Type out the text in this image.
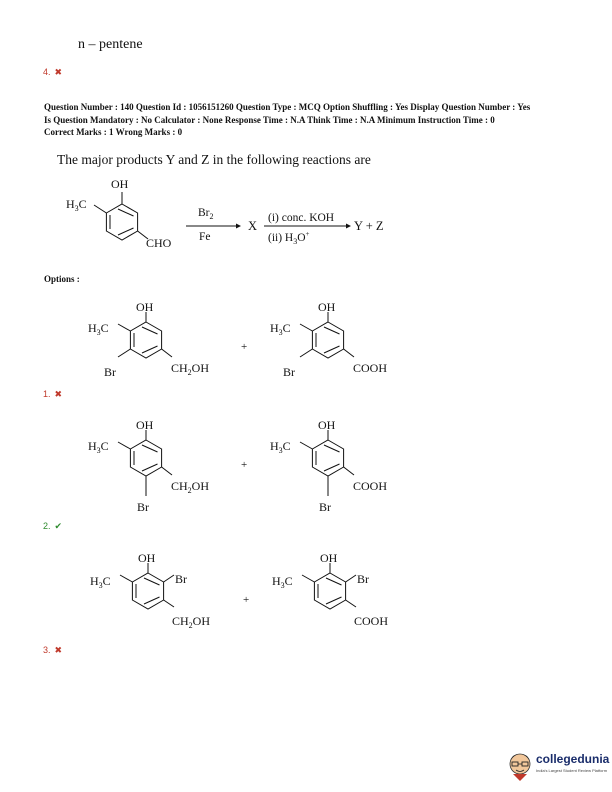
n – pentene
4. ✖
Question Number : 140 Question Id : 1056151260 Question Type : MCQ Option Shuffling : Yes Display Question Number : Yes
Is Question Mandatory : No Calculator : None Response Time : N.A Think Time : N.A Minimum Instruction Time : 0
Correct Marks : 1 Wrong Marks : 0
The major products Y and Z in the following reactions are
OH
$H_3C$
CHO
$Br_2$
Fe
X
(i) conc. KOH
(ii) $H_3O^+$
Y + Z
Options :
OH
$H_3C$
Br	$CH_2OH$
+
OH
$H_3C$
Br	COOH
1. ✖
OH
$H_3C$
Br
$CH_2OH$
+
OH
$H_3C$
Br
COOH
2. ✔
OH
$H_3C$	Br
$CH_2OH$
+
OH
$H_3C$	Br
COOH
3. ✖
collegedunia
India's Largest Student Review Platform
